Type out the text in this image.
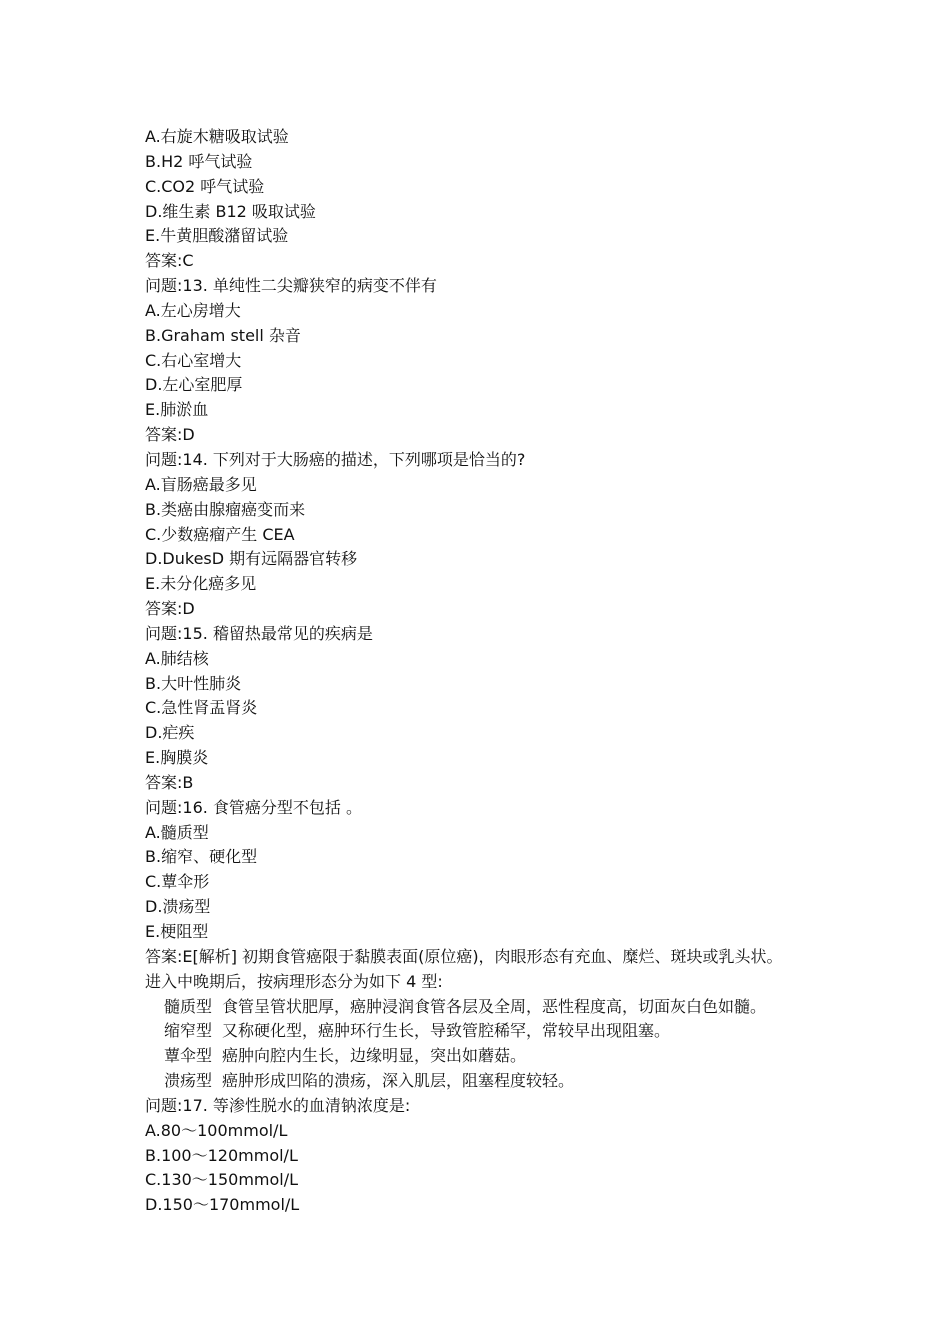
A.右旋木糖吸取试验
B.H2 呼气试验
C.CO2 呼气试验
D.维生素 B12 吸取试验
E.牛黄胆酸潴留试验
答案:C
问题:13. 单纯性二尖瓣狭窄的病变不伴有
A.左心房增大
B.Graham stell 杂音
C.右心室增大
D.左心室肥厚
E.肺淤血
答案:D
问题:14. 下列对于大肠癌的描述，下列哪项是恰当的?
A.盲肠癌最多见
B.类癌由腺瘤癌变而来
C.少数癌瘤产生 CEA
D.DukesD 期有远隔器官转移
E.未分化癌多见
答案:D
问题:15. 稽留热最常见的疾病是
A.肺结核
B.大叶性肺炎
C.急性肾盂肾炎
D.疟疾
E.胸膜炎
答案:B
问题:16. 食管癌分型不包括 。
A.髓质型
B.缩窄、硬化型
C.蕈伞形
D.溃疡型
E.梗阻型
答案:E[解析] 初期食管癌限于黏膜表面(原位癌)，肉眼形态有充血、糜烂、斑块或乳头状。
进入中晚期后，按病理形态分为如下 4 型:
髓质型 食管呈管状肥厚，癌肿浸润食管各层及全周，恶性程度高，切面灰白色如髓。
缩窄型 又称硬化型，癌肿环行生长，导致管腔稀罕，常较早出现阻塞。
蕈伞型 癌肿向腔内生长，边缘明显，突出如蘑菇。
溃疡型 癌肿形成凹陷的溃疡，深入肌层，阻塞程度较轻。
问题:17. 等渗性脱水的血清钠浓度是:
A.80～100mmol/L
B.100～120mmol/L
C.130～150mmol/L
D.150～170mmol/L
